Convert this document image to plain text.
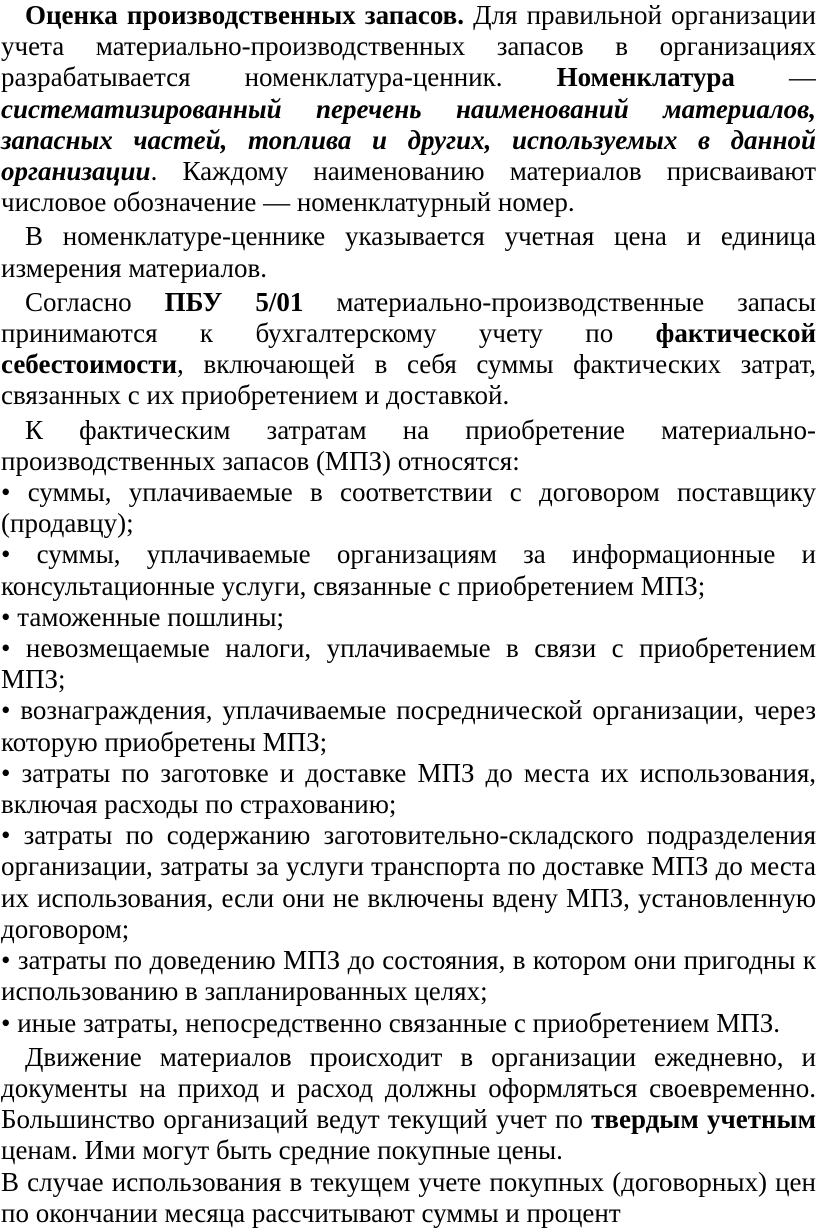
Оценка производственных запасов. Для правильной организации учета материально-производственных запасов в организациях разрабатывается номенклатура-ценник. Номенклатура — систематизированный перечень наименований материалов, запасных частей, топлива и других, используемых в данной организации. Каждому наименованию материалов присваивают числовое обозначение — номенклатурный номер.

В номенклатуре-ценнике указывается учетная цена и единица измерения материалов.

Согласно ПБУ 5/01 материально-производственные запасы принимаются к бухгалтерскому учету по фактической себестоимости, включающей в себя суммы фактических затрат, связанных с их приобретением и доставкой.

К фактическим затратам на приобретение материально-производственных запасов (МПЗ) относятся:

• суммы, уплачиваемые в соответствии с договором поставщику (продавцу);

• суммы, уплачиваемые организациям за информационные и консультационные услуги, связанные с приобретением МПЗ;

• таможенные пошлины;

• невозмещаемые налоги, уплачиваемые в связи с приобретением МПЗ;

• вознаграждения, уплачиваемые посреднической организации, через которую приобретены МПЗ;

• затраты по заготовке и доставке МПЗ до места их использования, включая расходы по страхованию;

• затраты по содержанию заготовительно-складского подразделения организации, затраты за услуги транспорта по доставке МПЗ до места их использования, если они не включены вдену МПЗ, установленную договором;

• затраты по доведению МПЗ до состояния, в котором они пригодны к использованию в запланированных целях;

• иные затраты, непосредственно связанные с приобретением МПЗ.

Движение материалов происходит в организации ежедневно, и документы на приход и расход должны оформляться своевременно. Большинство организаций ведут текущий учет по твердым учетным ценам. Ими могут быть средние покупные цены.

В случае использования в текущем учете покупных (договорных) цен по окончании месяца рассчитывают суммы и процент
